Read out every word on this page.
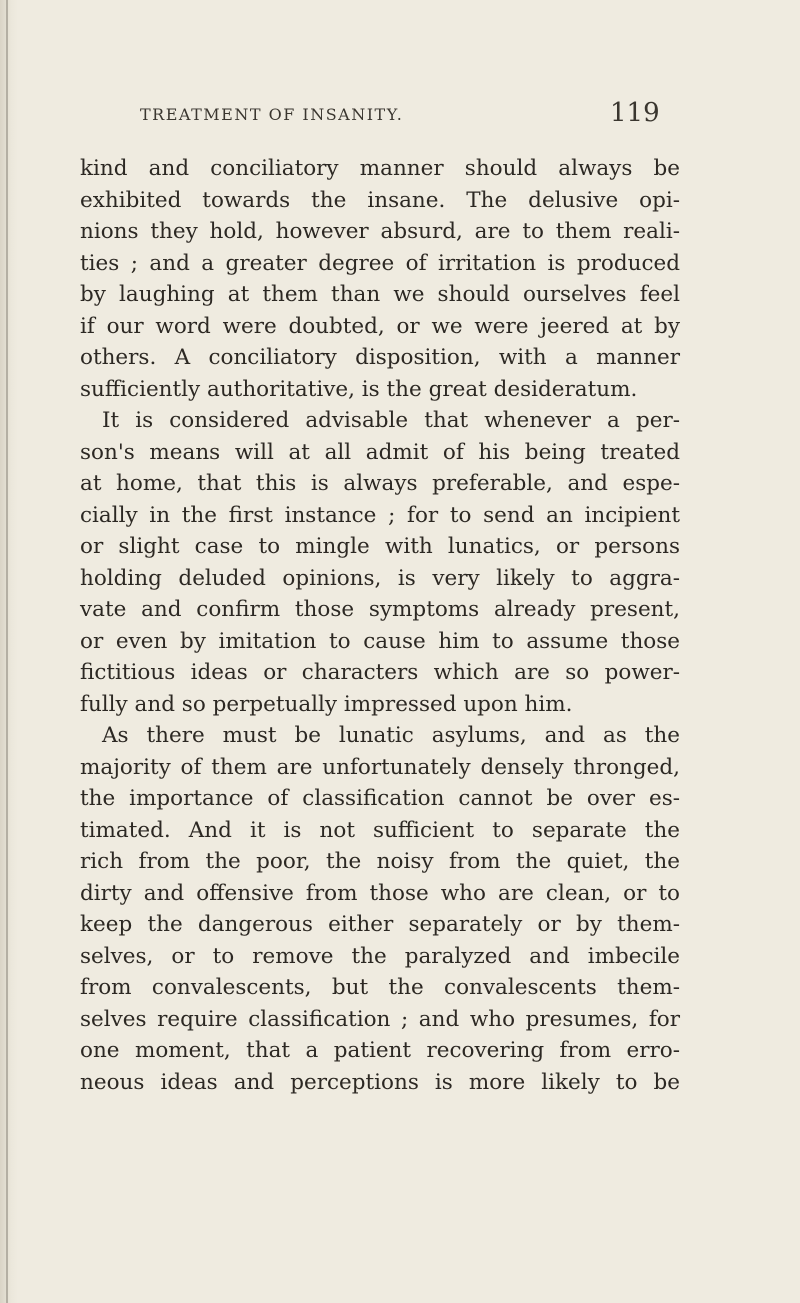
TREATMENT OF INSANITY.	119
kind and conciliatory manner should always be
exhibited towards the insane. The delusive opi-
nions they hold, however absurd, are to them reali-
ties ; and a greater degree of irritation is produced
by laughing at them than we should ourselves feel
if our word were doubted, or we were jeered at by
others. A conciliatory disposition, with a manner
sufficiently authoritative, is the great desideratum.
It is considered advisable that whenever a per-
son's means will at all admit of his being treated
at home, that this is always preferable, and espe-
cially in the first instance ; for to send an incipient
or slight case to mingle with lunatics, or persons
holding deluded opinions, is very likely to aggra-
vate and confirm those symptoms already present,
or even by imitation to cause him to assume those
fictitious ideas or characters which are so power-
fully and so perpetually impressed upon him.
As there must be lunatic asylums, and as the
majority of them are unfortunately densely thronged,
the importance of classification cannot be over es-
timated. And it is not sufficient to separate the
rich from the poor, the noisy from the quiet, the
dirty and offensive from those who are clean, or to
keep the dangerous either separately or by them-
selves, or to remove the paralyzed and imbecile
from convalescents, but the convalescents them-
selves require classification ; and who presumes, for
one moment, that a patient recovering from erro-
neous ideas and perceptions is more likely to be
